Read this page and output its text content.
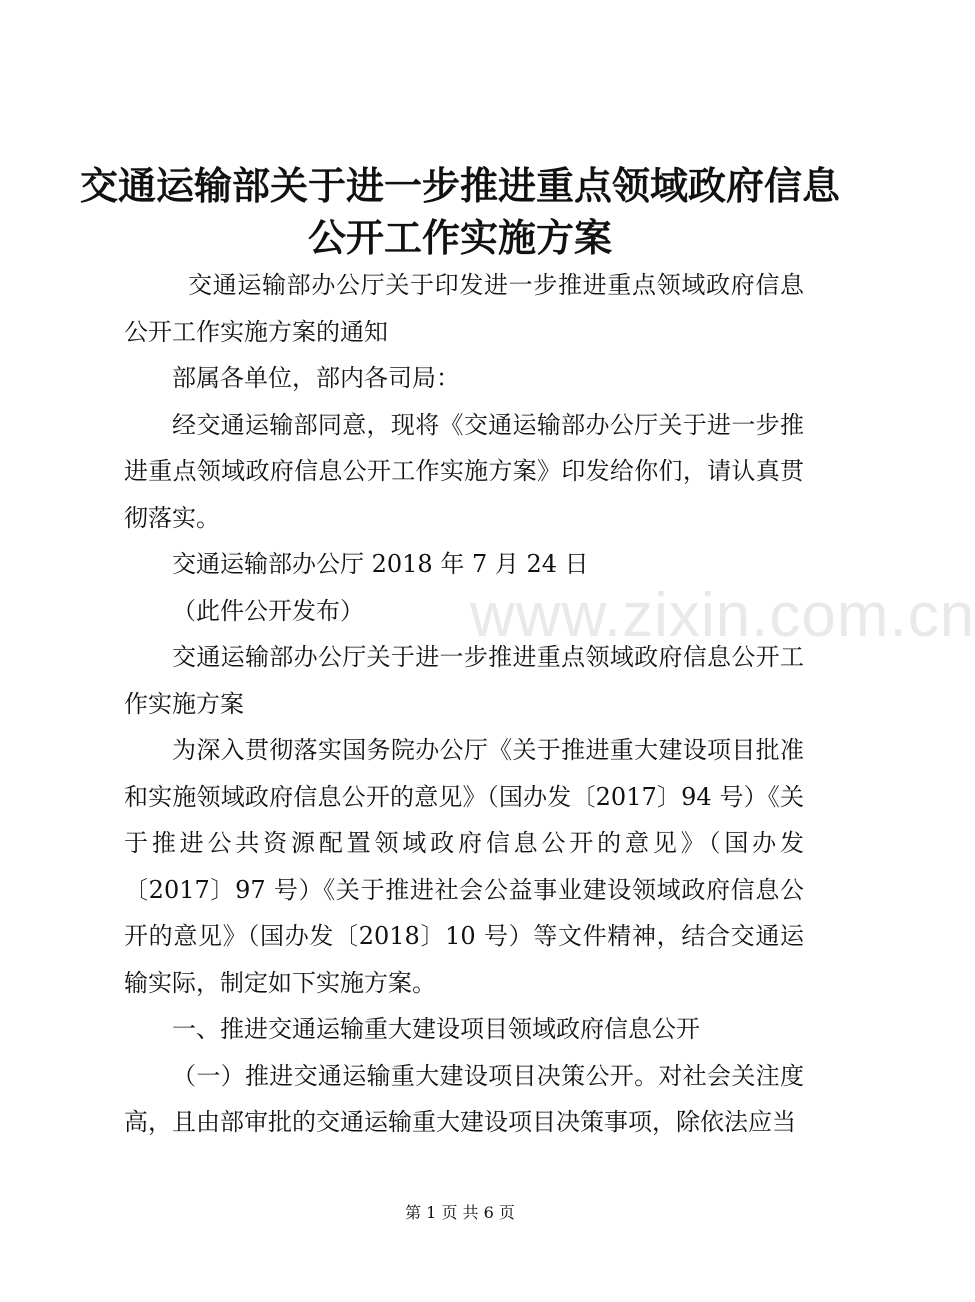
www.zixin.com.cn
交通运输部关于进一步推进重点领域政府信息
公开工作实施方案

交通运输部办公厅关于印发进一步推进重点领域政府信息公开工作实施方案的通知

部属各单位，部内各司局：

经交通运输部同意，现将《交通运输部办公厅关于进一步推进重点领域政府信息公开工作实施方案》印发给你们，请认真贯彻落实。

交通运输部办公厅 2018 年 7 月 24 日

（此件公开发布）

交通运输部办公厅关于进一步推进重点领域政府信息公开工作实施方案

为深入贯彻落实国务院办公厅《关于推进重大建设项目批准和实施领域政府信息公开的意见》（国办发〔2017〕94 号）《关于推进公共资源配置领域政府信息公开的意见》（国办发〔2017〕97 号）《关于推进社会公益事业建设领域政府信息公开的意见》（国办发〔2018〕10 号）等文件精神，结合交通运输实际，制定如下实施方案。

一、推进交通运输重大建设项目领域政府信息公开

（一）推进交通运输重大建设项目决策公开。对社会关注度高，且由部审批的交通运输重大建设项目决策事项，除依法应当

第 1 页 共 6 页
